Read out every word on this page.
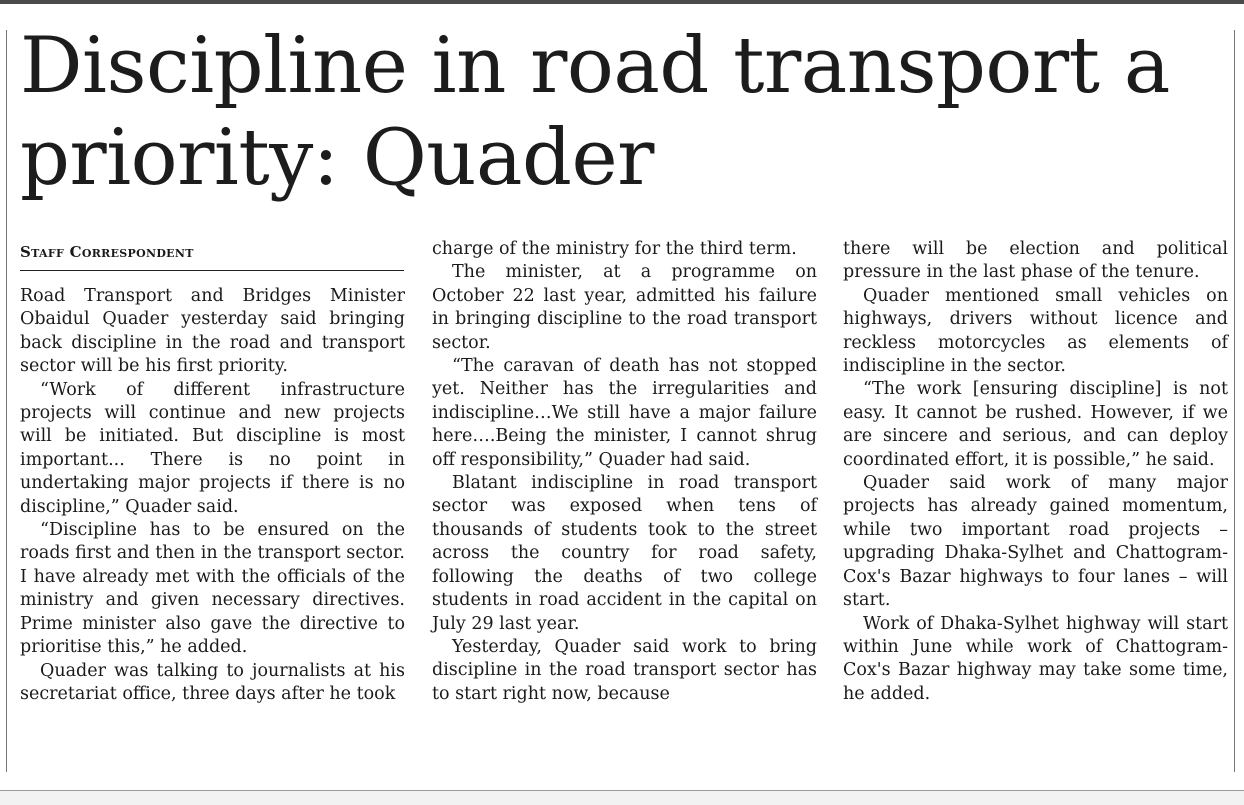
Discipline in road transport a priority: Quader
Staff Correspondent

Road Transport and Bridges Minister Obaidul Quader yesterday said bringing back discipline in the road and transport sector will be his first priority.

“Work of different infrastructure projects will continue and new projects will be initiated. But discipline is most important... There is no point in undertaking major projects if there is no discipline,” Quader said.

“Discipline has to be ensured on the roads first and then in the transport sector. I have already met with the officials of the ministry and given necessary directives. Prime minister also gave the directive to prioritise this,” he added.

Quader was talking to journalists at his secretariat office, three days after he took

charge of the ministry for the third term.

The minister, at a programme on October 22 last year, admitted his failure in bringing discipline to the road transport sector.

“The caravan of death has not stopped yet. Neither has the irregularities and indiscipline…We still have a major failure here….Being the minister, I cannot shrug off responsibility,” Quader had said.

Blatant indiscipline in road transport sector was exposed when tens of thousands of students took to the street across the country for road safety, following the deaths of two college students in road accident in the capital on July 29 last year.

Yesterday, Quader said work to bring discipline in the road transport sector has to start right now, because

there will be election and political pressure in the last phase of the tenure.

Quader mentioned small vehicles on highways, drivers without licence and reckless motorcycles as elements of indiscipline in the sector.

“The work [ensuring discipline] is not easy. It cannot be rushed. However, if we are sincere and serious, and can deploy coordinated effort, it is possible,” he said.

Quader said work of many major projects has already gained momentum, while two important road projects – upgrading Dhaka-Sylhet and Chattogram-Cox's Bazar highways to four lanes – will start.

Work of Dhaka-Sylhet highway will start within June while work of Chattogram-Cox's Bazar highway may take some time, he added.
